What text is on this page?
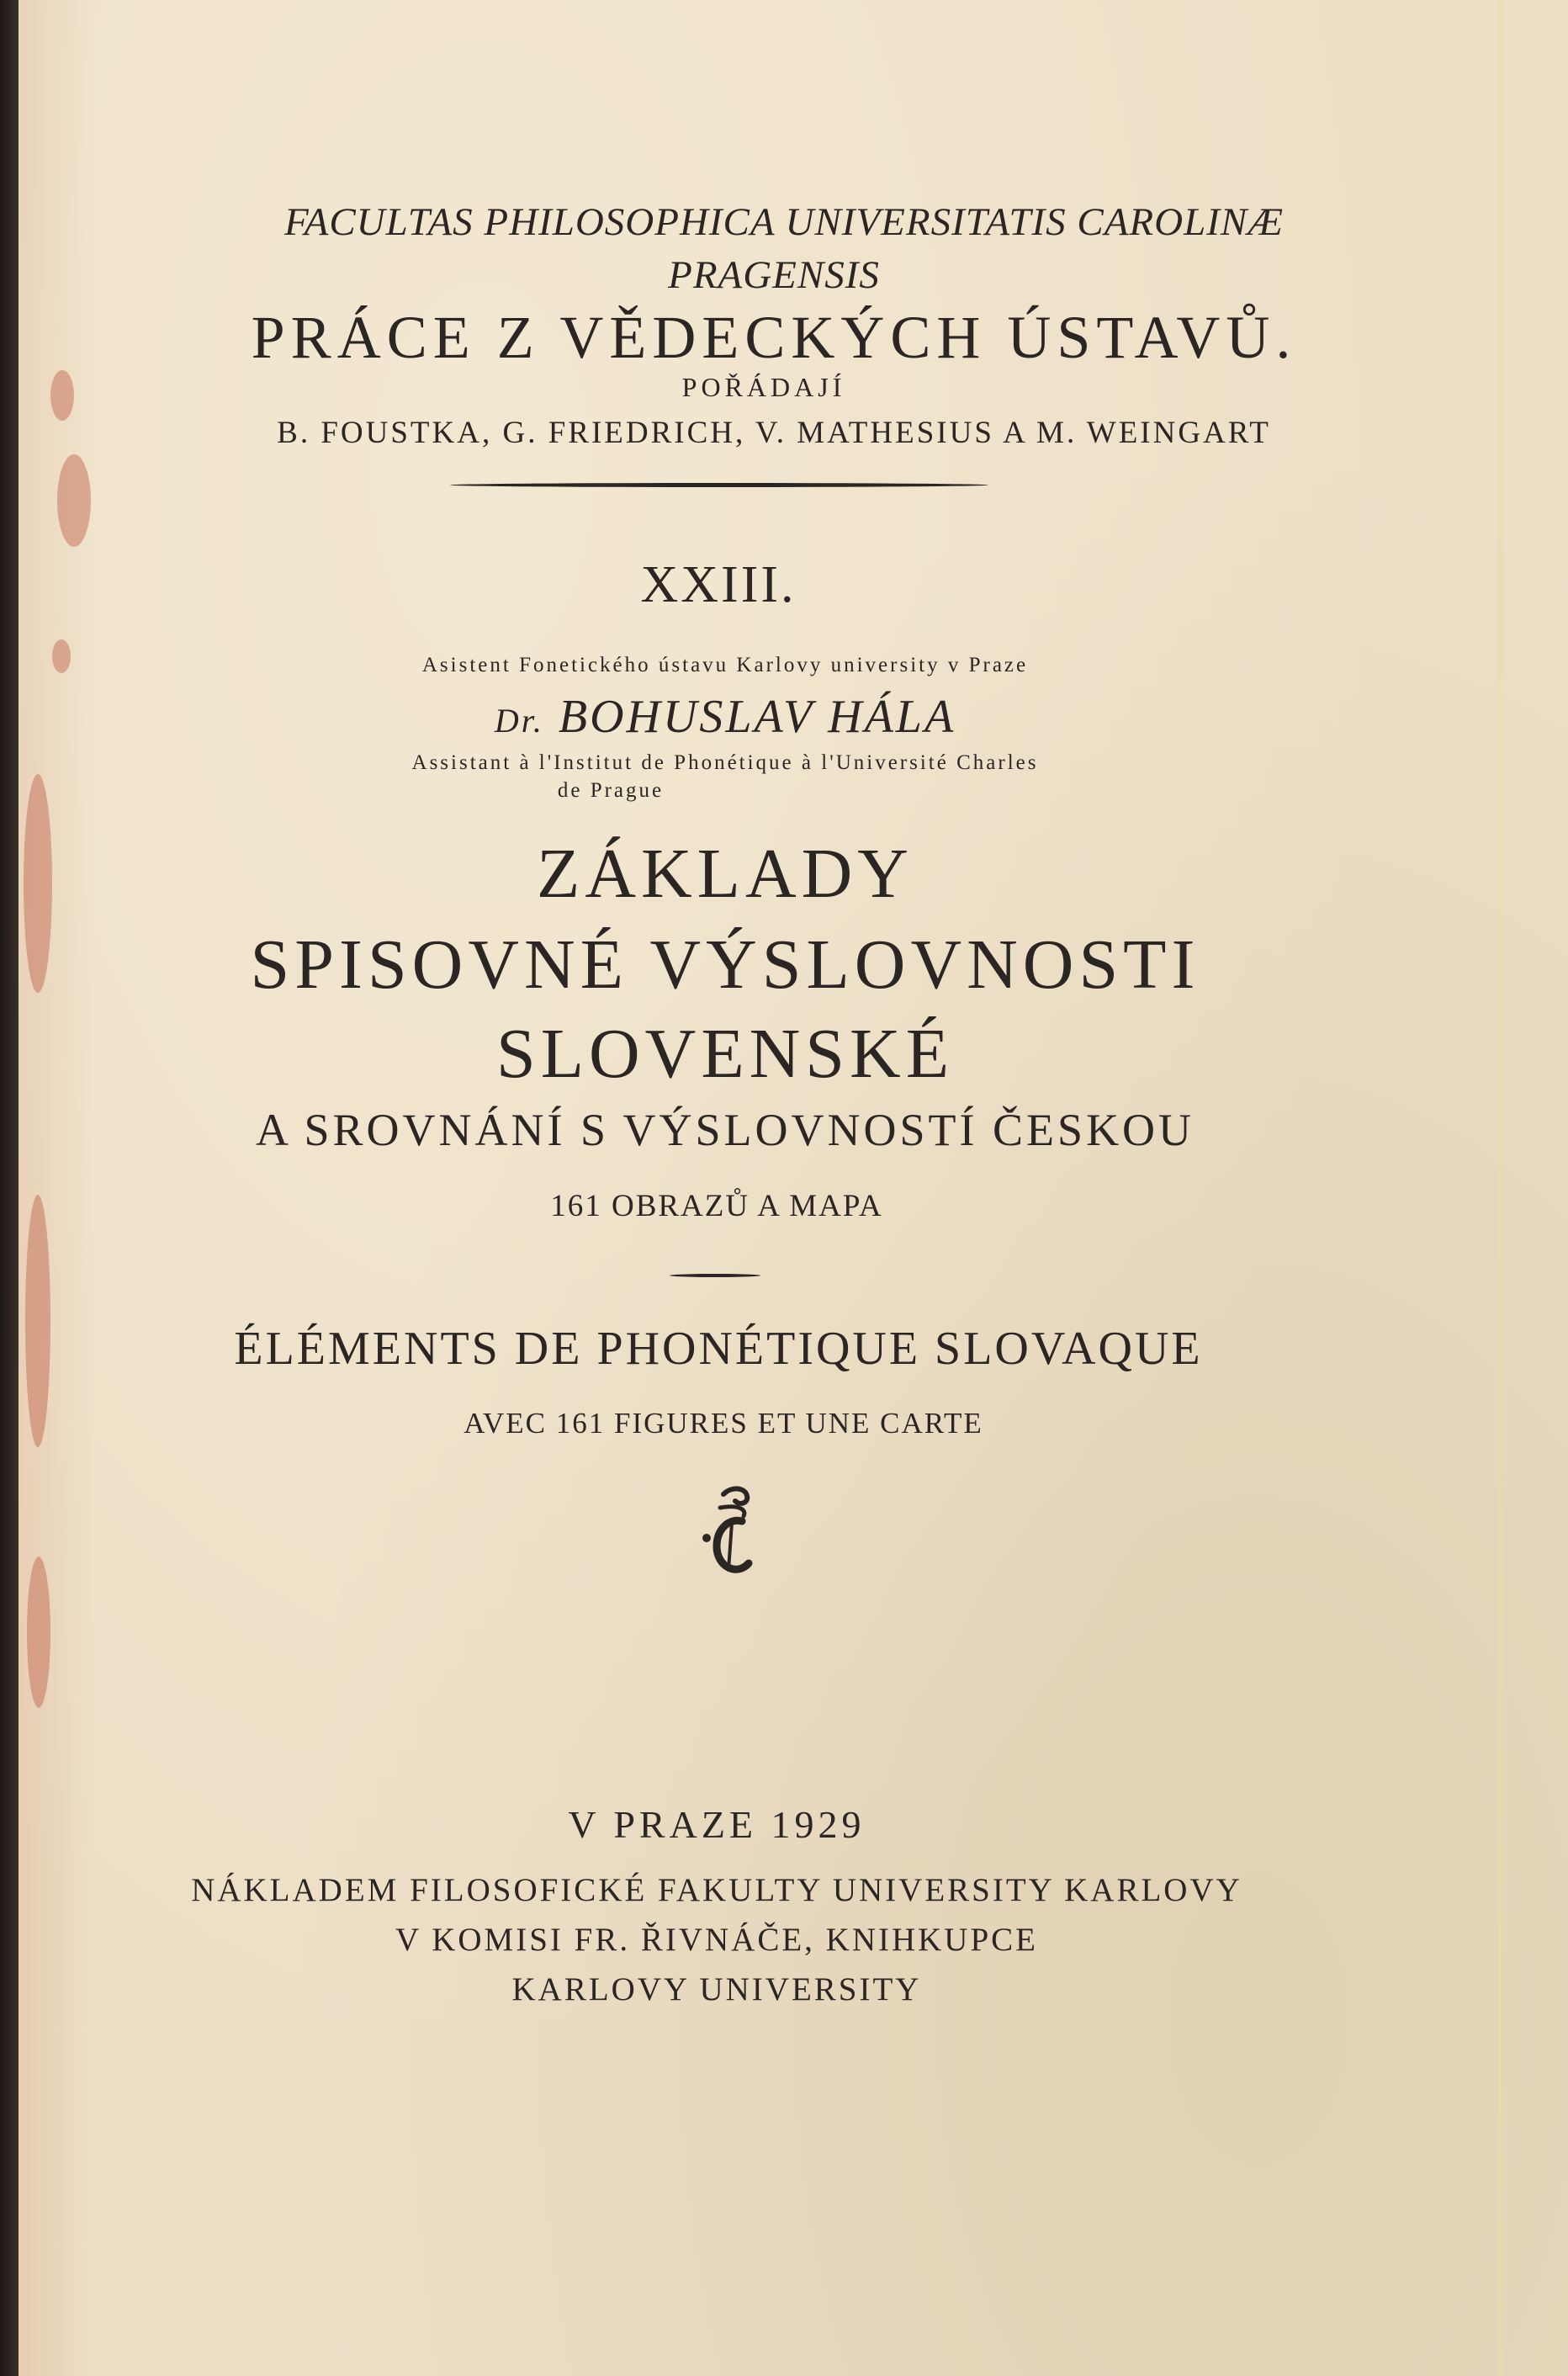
FACULTAS PHILOSOPHICA UNIVERSITATIS CAROLINÆ
PRAGENSIS
PRÁCE Z VĚDECKÝCH ÚSTAVŮ.
POŘÁDAJÍ
B. FOUSTKA, G. FRIEDRICH, V. MATHESIUS A M. WEINGART
XXIII.
Asistent Fonetického ústavu Karlovy university v Praze
Dr. BOHUSLAV HÁLA
Assistant à l'Institut de Phonétique à l'Université Charles
de Prague
ZÁKLADY
SPISOVNÉ VÝSLOVNOSTI
SLOVENSKÉ
A SROVNÁNÍ S VÝSLOVNOSTÍ ČESKOU
161 OBRAZŮ A MAPA
ÉLÉMENTS DE PHONÉTIQUE SLOVAQUE
AVEC 161 FIGURES ET UNE CARTE
V PRAZE 1929
NÁKLADEM FILOSOFICKÉ FAKULTY UNIVERSITY KARLOVY
V KOMISI FR. ŘIVNÁČE, KNIHKUPCE
KARLOVY UNIVERSITY
